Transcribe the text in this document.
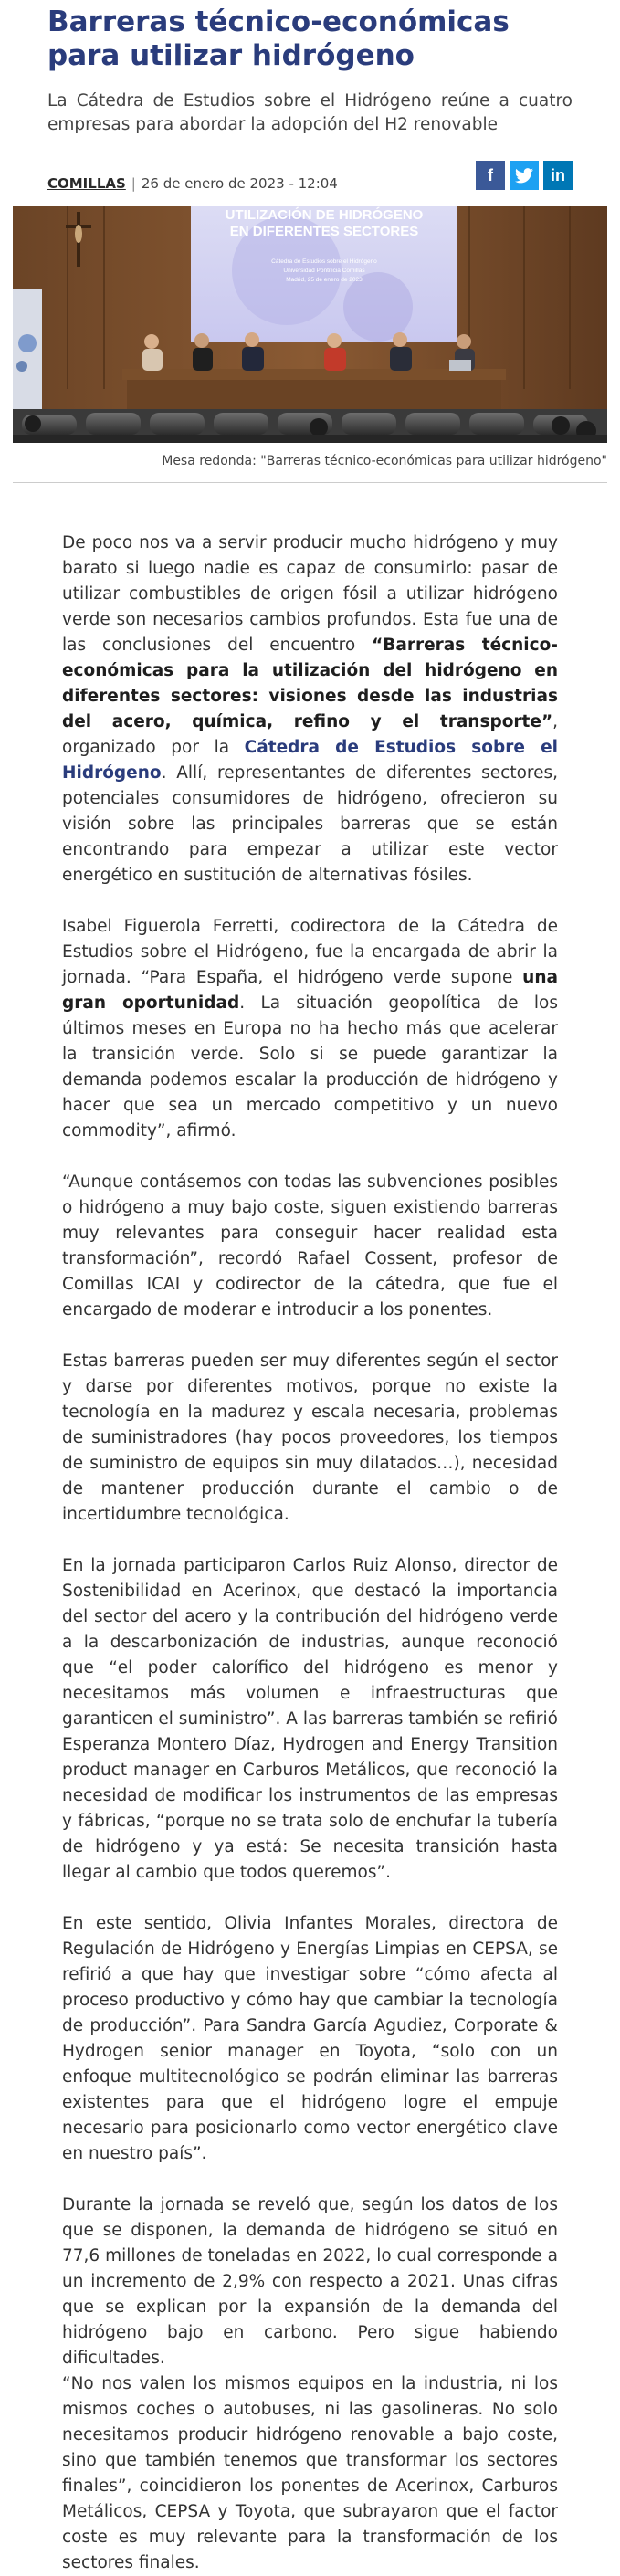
Barreras técnico-económicas para utilizar hidrógeno

La Cátedra de Estudios sobre el Hidrógeno reúne a cuatro empresas para abordar la adopción del H2 renovable

COMILLAS | 26 de enero de 2023 - 12:04	f	in
UTILIZACIÓN DE HIDRÓGENO
EN DIFERENTES SECTORES
Cátedra de Estudios sobre el Hidrógeno
Universidad Pontificia Comillas
Madrid, 25 de enero de 2023
Mesa redonda: "Barreras técnico-económicas para utilizar hidrógeno"

De poco nos va a servir producir mucho hidrógeno y muy barato si luego nadie es capaz de consumirlo: pasar de utilizar combustibles de origen fósil a utilizar hidrógeno verde son necesarios cambios profundos. Esta fue una de las conclusiones del encuentro “Barreras técnico-económicas para la utilización del hidrógeno en diferentes sectores: visiones desde las industrias del acero, química, refino y el transporte”, organizado por la Cátedra de Estudios sobre el Hidrógeno. Allí, representantes de diferentes sectores, potenciales consumidores de hidrógeno, ofrecieron su visión sobre las principales barreras que se están encontrando para empezar a utilizar este vector energético en sustitución de alternativas fósiles.

Isabel Figuerola Ferretti, codirectora de la Cátedra de Estudios sobre el Hidrógeno, fue la encargada de abrir la jornada. “Para España, el hidrógeno verde supone una gran oportunidad. La situación geopolítica de los últimos meses en Europa no ha hecho más que acelerar la transición verde. Solo si se puede garantizar la demanda podemos escalar la producción de hidrógeno y hacer que sea un mercado competitivo y un nuevo commodity”, afirmó.

“Aunque contásemos con todas las subvenciones posibles o hidrógeno a muy bajo coste, siguen existiendo barreras muy relevantes para conseguir hacer realidad esta transformación”, recordó Rafael Cossent, profesor de Comillas ICAI y codirector de la cátedra, que fue el encargado de moderar e introducir a los ponentes.

Estas barreras pueden ser muy diferentes según el sector y darse por diferentes motivos, porque no existe la tecnología en la madurez y escala necesaria, problemas de suministradores (hay pocos proveedores, los tiempos de suministro de equipos sin muy dilatados…), necesidad de mantener producción durante el cambio o de incertidumbre tecnológica.

En la jornada participaron Carlos Ruiz Alonso, director de Sostenibilidad en Acerinox, que destacó la importancia del sector del acero y la contribución del hidrógeno verde a la descarbonización de industrias, aunque reconoció que “el poder calorífico del hidrógeno es menor y necesitamos más volumen e infraestructuras que garanticen el suministro”. A las barreras también se refirió Esperanza Montero Díaz, Hydrogen and Energy Transition product manager en Carburos Metálicos, que reconoció la necesidad de modificar los instrumentos de las empresas y fábricas, “porque no se trata solo de enchufar la tubería de hidrógeno y ya está: Se necesita transición hasta llegar al cambio que todos queremos”.

En este sentido, Olivia Infantes Morales, directora de Regulación de Hidrógeno y Energías Limpias en CEPSA, se refirió a que hay que investigar sobre “cómo afecta al proceso productivo y cómo hay que cambiar la tecnología de producción”. Para Sandra García Agudiez, Corporate & Hydrogen senior manager en Toyota, “solo con un enfoque multitecnológico se podrán eliminar las barreras existentes para que el hidrógeno logre el empuje necesario para posicionarlo como vector energético clave en nuestro país”.

Durante la jornada se reveló que, según los datos de los que se disponen, la demanda de hidrógeno se situó en 77,6 millones de toneladas en 2022, lo cual corresponde a un incremento de 2,9% con respecto a 2021. Unas cifras que se explican por la expansión de la demanda del hidrógeno bajo en carbono. Pero sigue habiendo dificultades.

“No nos valen los mismos equipos en la industria, ni los mismos coches o autobuses, ni las gasolineras. No solo necesitamos producir hidrógeno renovable a bajo coste, sino que también tenemos que transformar los sectores finales”, coincidieron los ponentes de Acerinox, Carburos Metálicos, CEPSA y Toyota, que subrayaron que el factor coste es muy relevante para la transformación de los sectores finales.
